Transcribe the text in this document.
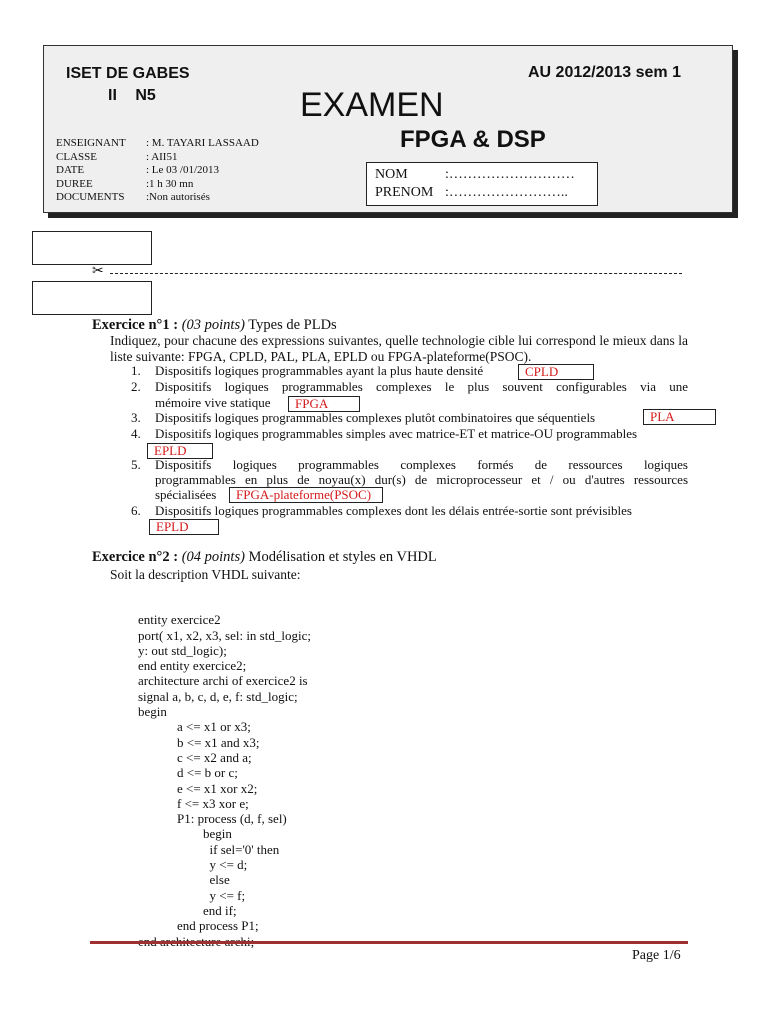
ISET DE GABES
II N5
AU 2012/2013 sem 1
EXAMEN
FPGA & DSP
ENSEIGNANT	: M. TAYARI LASSAAD
CLASSE	: AII51
DATE	: Le 03 /01/2013
DUREE	:1 h 30 mn
DOCUMENTS	:Non autorisés
NOM	:………………………
PRENOM :……………………..
✂
Exercice n°1 : (03 points) Types de PLDs
Indiquez, pour chacune des expressions suivantes, quelle technologie cible lui correspond le mieux dans la liste suivante: FPGA, CPLD, PAL, PLA, EPLD ou FPGA-plateforme(PSOC).
1. Dispositifs logiques programmables ayant la plus haute densité	CPLD
2. Dispositifs logiques programmables complexes le plus souvent configurables via une
mémoire vive statique	FPGA
3. Dispositifs logiques programmables complexes plutôt combinatoires que séquentiels	PLA
4. Dispositifs logiques programmables simples avec matrice-ET et matrice-OU programmables
EPLD
5. Dispositifs logiques programmables complexes formés de ressources logiques
programmables en plus de noyau(x) dur(s) de microprocesseur et / ou d'autres ressources
spécialisées	FPGA-plateforme(PSOC)
6. Dispositifs logiques programmables complexes dont les délais entrée-sortie sont prévisibles
EPLD
Exercice n°2 : (04 points) Modélisation et styles en VHDL
Soit la description VHDL suivante:

entity exercice2
port( x1, x2, x3, sel: in std_logic;
y: out std_logic);
end entity exercice2;
architecture archi of exercice2 is
signal a, b, c, d, e, f: std_logic;
begin
a <= x1 or x3;
b <= x1 and x3;
c <= x2 and a;
d <= b or c;
e <= x1 xor x2;
f <= x3 xor e;
P1: process (d, f, sel)
begin
if sel='0' then
y <= d;
else
y <= f;
end if;
end process P1;

Page 1/6
